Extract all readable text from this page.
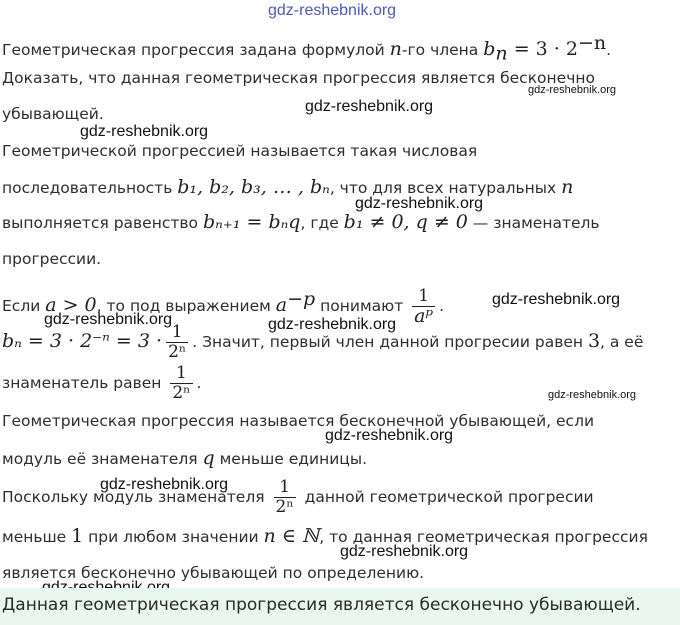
gdz-reshebnik.org
gdz-reshebnik.org
gdz-reshebnik.org
gdz-reshebnik.org
gdz-reshebnik.org
gdz-reshebnik.org
gdz-reshebnik.org	gdz-reshebnik.org
gdz-reshebnik.org
gdz-reshebnik.org
gdz-reshebnik.org
gdz-reshebnik.org
Геометрическая прогрессия задана формулой n-го члена $b_n = 3 \cdot 2^{-n}$.
Доказать, что данная геометрическая прогрессия является бесконечно
убывающей.
Геометрической прогрессией называется такая числовая
последовательность b₁, b₂, b₃, … , bₙ, что для всех натуральных n
выполняется равенство bₙ₊₁ = bₙq, где b₁ ≠ 0, q ≠ 0 — знаменатель
прогрессии.
Если a > 0, то под выражением $a^{-p}$ понимают $\frac{1}{\text{aᵖ}}$ .
$b_n = 3 \cdot 2^{-n} = 3 \cdot \frac{1}{\text{2ⁿ}}$ . Значит, первый член данной прогреcии равен 3, а её
знаменатель равен $\frac{1}{\text{2ⁿ}}$ .
Геометрическая прогрессия называется бесконечной убывающей, если
модуль её знаменателя q меньше единицы.
Поскольку модуль знаменателя $\frac{1}{\text{2ⁿ}}$ данной геометрической прогресии
меньше 1 при любом значении n ∈ ℕ, то данная геометрическая прогрессия
является бесконечно убывающей по определению.
Данная геометрическая прогрессия является бесконечно убывающей.
